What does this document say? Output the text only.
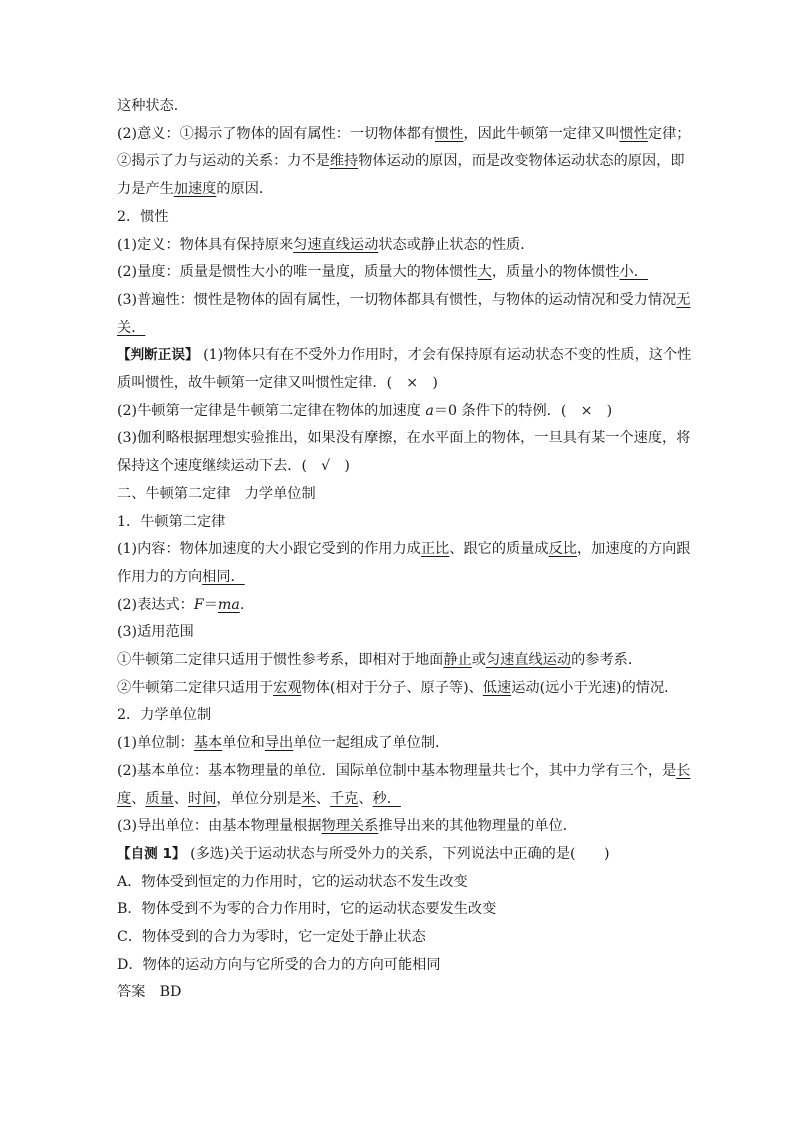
这种状态．
(2)意义：①揭示了物体的固有属性：一切物体都有惯性，因此牛顿第一定律又叫惯性定律；
②揭示了力与运动的关系：力不是维持物体运动的原因，而是改变物体运动状态的原因，即
力是产生加速度的原因．
2．惯性
(1)定义：物体具有保持原来匀速直线运动状态或静止状态的性质．
(2)量度：质量是惯性大小的唯一量度，质量大的物体惯性大，质量小的物体惯性小．
(3)普遍性：惯性是物体的固有属性，一切物体都具有惯性，与物体的运动情况和受力情况无
关．
【判断正误】 (1)物体只有在不受外力作用时，才会有保持原有运动状态不变的性质，这个性
质叫惯性，故牛顿第一定律又叫惯性定律．(　×　)
(2)牛顿第一定律是牛顿第二定律在物体的加速度 a＝0 条件下的特例．(　×　)
(3)伽利略根据理想实验推出，如果没有摩擦，在水平面上的物体，一旦具有某一个速度，将
保持这个速度继续运动下去．(　√　)
二、牛顿第二定律　力学单位制
1．牛顿第二定律
(1)内容：物体加速度的大小跟它受到的作用力成正比、跟它的质量成反比，加速度的方向跟
作用力的方向相同．
(2)表达式：F＝ma.
(3)适用范围
①牛顿第二定律只适用于惯性参考系，即相对于地面静止或匀速直线运动的参考系．
②牛顿第二定律只适用于宏观物体(相对于分子、原子等)、低速运动(远小于光速)的情况．
2．力学单位制
(1)单位制：基本单位和导出单位一起组成了单位制．
(2)基本单位：基本物理量的单位．国际单位制中基本物理量共七个，其中力学有三个，是长
度、质量、时间，单位分别是米、千克、秒．
(3)导出单位：由基本物理量根据物理关系推导出来的其他物理量的单位．
【自测 1】 (多选)关于运动状态与所受外力的关系，下列说法中正确的是(　　)
A．物体受到恒定的力作用时，它的运动状态不发生改变
B．物体受到不为零的合力作用时，它的运动状态要发生改变
C．物体受到的合力为零时，它一定处于静止状态
D．物体的运动方向与它所受的合力的方向可能相同
答案　BD
